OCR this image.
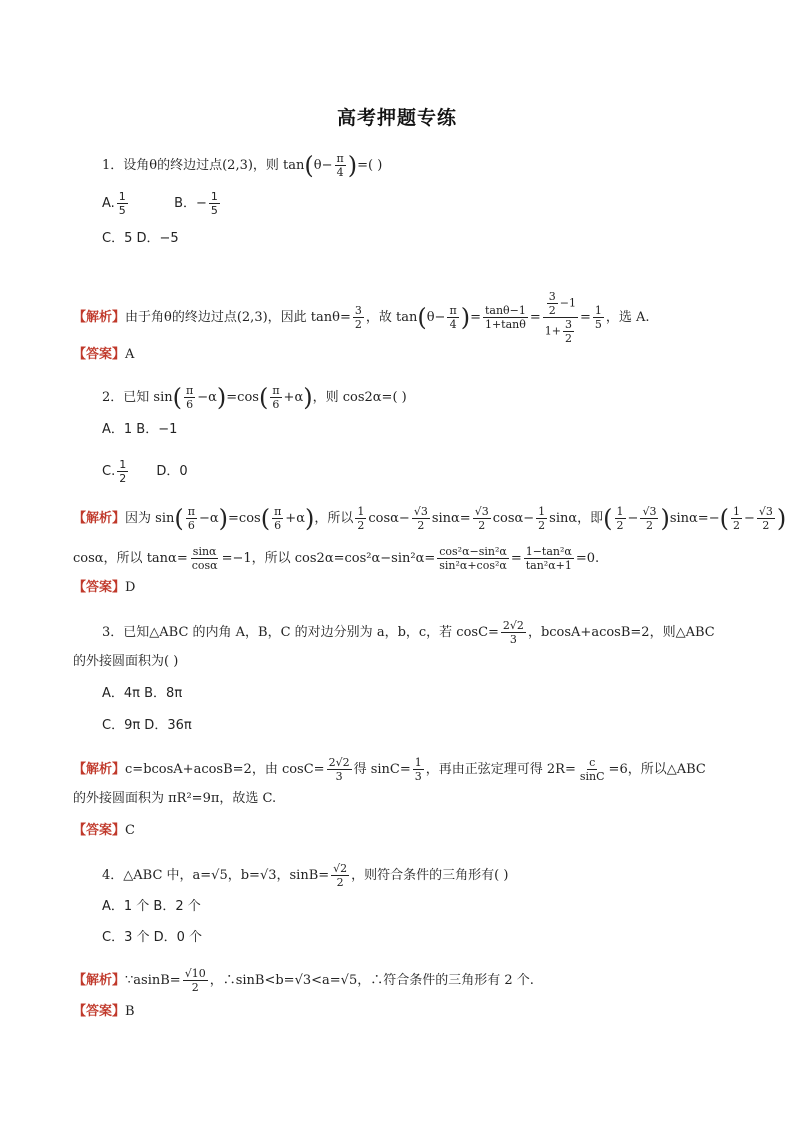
高考押题专练
1．设角θ的终边过点(2,3)，则 $\tan(\theta- \frac{\pi}{4}$ )=( )
A. $\frac{1}{5}$	B．− $\frac{1}{5}$
C．5 D．−5
【解析】由于角θ的终边过点(2,3)，因此 $\tan\theta= \frac{3}{2}$ ，故 $\tan(\theta- \frac{\pi}{4}$ )= $\frac{\tan\theta-1}{1+\tan\theta} = \frac{\frac{3}{2} -1}{1+ \frac{3}{2}} = \frac{1}{5}$ ，选 A.
【答案】A
2．已知 $\sin( \frac{\pi}{6} -\alpha)=\cos( \frac{\pi}{6} +\alpha)$，则 cos2α=( )
A．1 B．−1
C. $\frac{1}{2}$ D．0
【解析】因为 $\sin( \frac{\pi}{6} -\alpha)=\cos( \frac{\pi}{6} +\alpha)$，所以 $\frac{1}{2} \cos\alpha- \frac{√3}{2} \sin\alpha= \frac{√3}{2} \cos\alpha- \frac{1}{2}$ sinα，即( $\frac{1}{2} - \frac{√3}{2} )\sin\alpha=-( \frac{1}{2} - \frac{√3}{2}$ )
cosα，所以 $\tan\alpha= \frac{\sin\alpha}{\cos\alpha} =-1$，所以 $\cos 2\alpha=\cos^2\alpha-\sin^2\alpha= \frac{\text{cos²α−sin²α}}{\text{sin²α+cos²α}} = \frac{\text{1−tan²α}}{\text{tan²α+1}} =0$.
【答案】D
3．已知△ABC 的内角 A，B，C 的对边分别为 a，b，c，若 $\cos C= \frac{2√2}{3}$ ，bcosA+acosB=2，则△ABC
的外接圆面积为( )
A．4π B．8π
C．9π D．36π
【解析】c=bcosA+acosB=2，由 $\cos C= \frac{2√2}{3}$ 得 $\sin C= \frac{1}{3}$ ，再由正弦定理可得 $2R= \frac{c}{\sin C} =6$，所以△ABC
的外接圆面积为 πR²=9π，故选 C.
【答案】C
4．△ABC 中，a=√5，b=√3，$\sin B= \frac{√2}{2}$ ，则符合条件的三角形有( )
A．1 个 B．2 个
C．3 个 D．0 个
【解析】∵asinB= $\frac{√10}{2}$ ，∴sinB<b=√3<a=√5，∴符合条件的三角形有 2 个.
【答案】B
